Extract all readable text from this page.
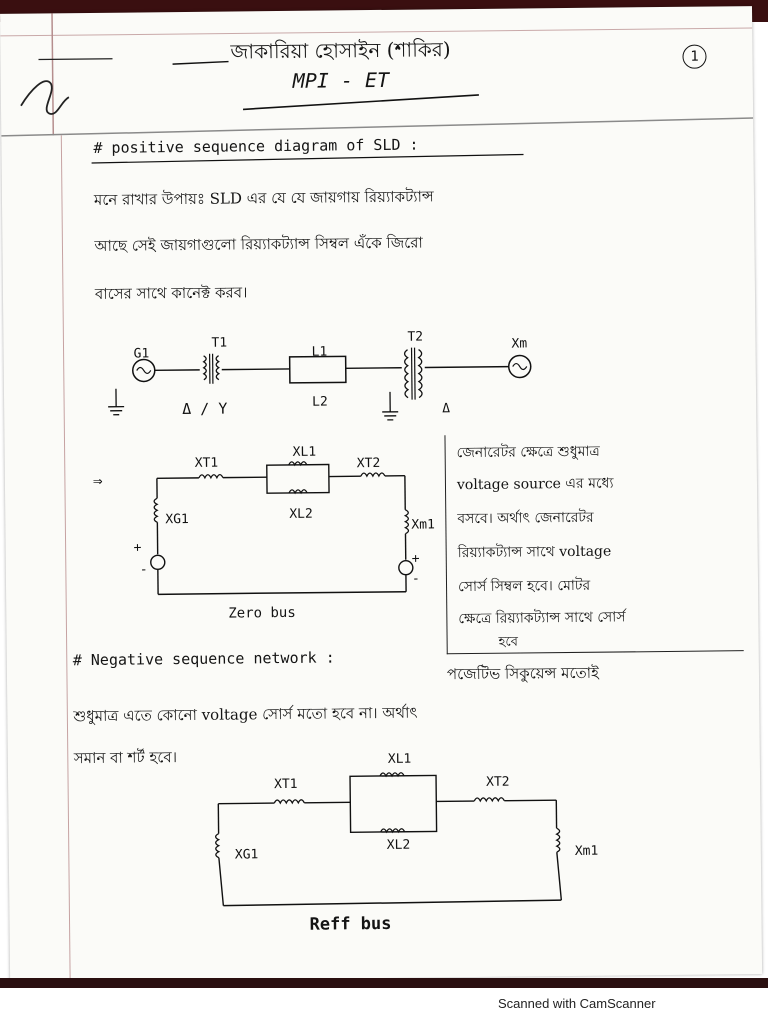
জাকারিয়া হোসাইন (শাকির)
MPI - ET
1
# positive sequence diagram of SLD :
মনে রাখার উপায়ঃ SLD এর যে যে জায়গায় রিয়্যাকট্যান্স
আছে সেই জায়গাগুলো রিয়্যাকট্যান্স সিম্বল এঁকে জিরো
বাসের সাথে কানেক্ট করব।
G1
T1
L1
L2
T2	Xm
Δ / Y	Δ
⇒
XT1
XL1
XL2
XT2
XG1	Xm1
+
-
+
-
Zero bus
জেনারেটর ক্ষেত্রে শুধুমাত্র
voltage source এর মধ্যে
বসবে। অর্থাৎ জেনারেটর
রিয়্যাকট্যান্স সাথে voltage
সোর্স সিম্বল হবে। মোটর
ক্ষেত্রে রিয়্যাকট্যান্স সাথে সোর্স
হবে
# Negative sequence network :
পজেটিভ সিকুয়েন্স মতোই
শুধুমাত্র এতে কোনো voltage সোর্স মতো হবে না। অর্থাৎ
সমান বা শর্ট হবে।
XT1
XL1
XL2
XT2
XG1	Xm1
Reff bus
Scanned with CamScanner
